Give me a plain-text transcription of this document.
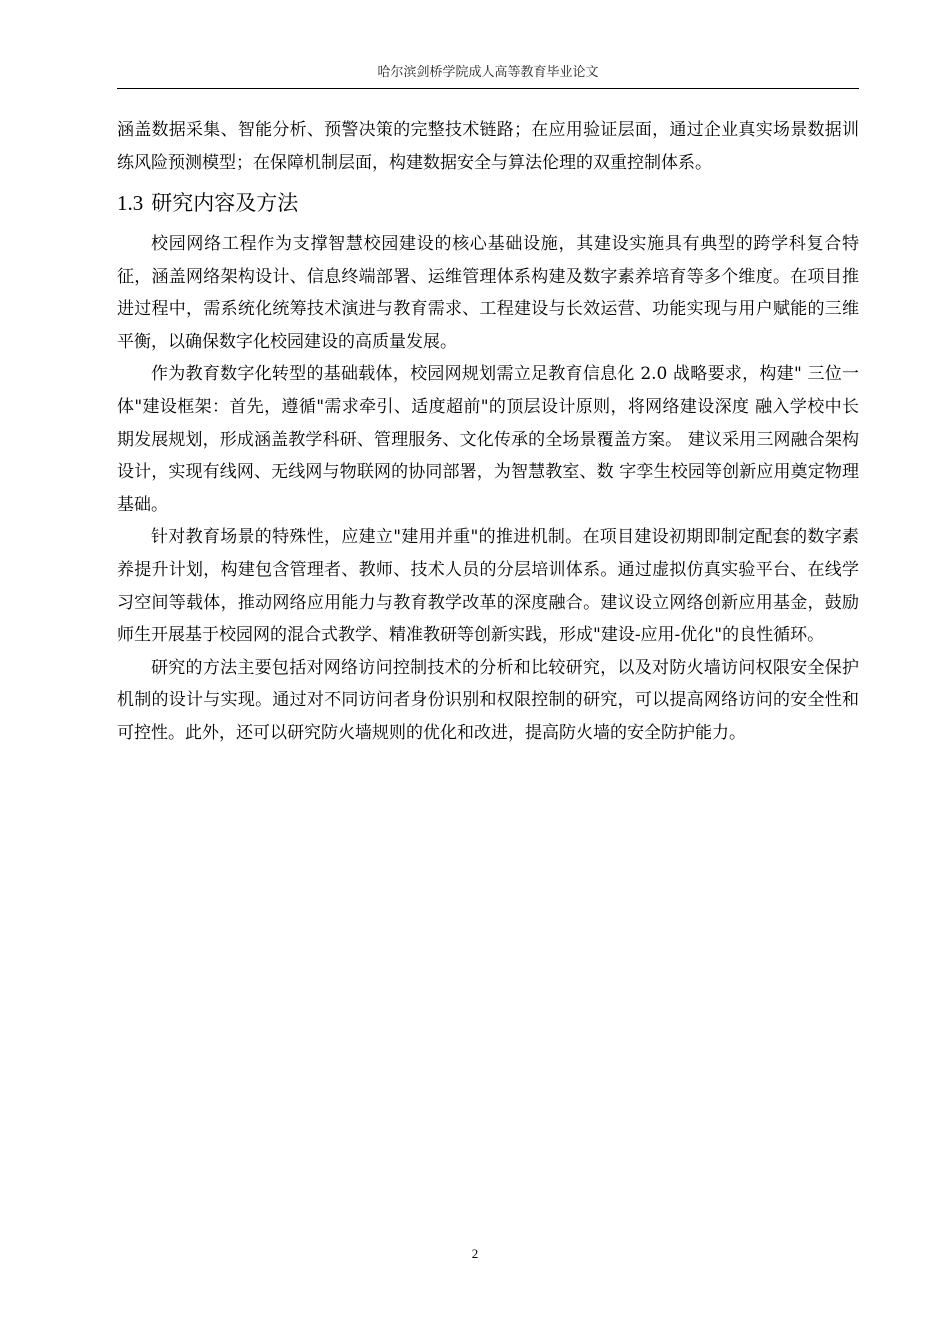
哈尔滨剑桥学院成人高等教育毕业论文

涵盖数据采集、智能分析、预警决策的完整技术链路；在应用验证层面，通过企业真实场景数据训练风险预测模型；在保障机制层面，构建数据安全与算法伦理的双重控制体系。

1.3 研究内容及方法

校园网络工程作为支撑智慧校园建设的核心基础设施，其建设实施具有典型的跨学科复合特征，涵盖网络架构设计、信息终端部署、运维管理体系构建及数字素养培育等多个维度。在项目推进过程中，需系统化统筹技术演进与教育需求、工程建设与长效运营、功能实现与用户赋能的三维平衡，以确保数字化校园建设的高质量发展。

作为教育数字化转型的基础载体，校园网规划需立足教育信息化 2.0 战略要求，构建" 三位一体"建设框架：首先，遵循"需求牵引、适度超前"的顶层设计原则，将网络建设深度 融入学校中长期发展规划，形成涵盖教学科研、管理服务、文化传承的全场景覆盖方案。 建议采用三网融合架构设计，实现有线网、无线网与物联网的协同部署，为智慧教室、数 字孪生校园等创新应用奠定物理基础。

针对教育场景的特殊性，应建立"建用并重"的推进机制。在项目建设初期即制定配套的数字素养提升计划，构建包含管理者、教师、技术人员的分层培训体系。通过虚拟仿真实验平台、在线学习空间等载体，推动网络应用能力与教育教学改革的深度融合。建议设立网络创新应用基金，鼓励师生开展基于校园网的混合式教学、精准教研等创新实践，形成"建设-应用-优化"的良性循环。

研究的方法主要包括对网络访问控制技术的分析和比较研究，以及对防火墙访问权限安全保护机制的设计与实现。通过对不同访问者身份识别和权限控制的研究，可以提高网络访问的安全性和可控性。此外，还可以研究防火墙规则的优化和改进，提高防火墙的安全防护能力。

2
